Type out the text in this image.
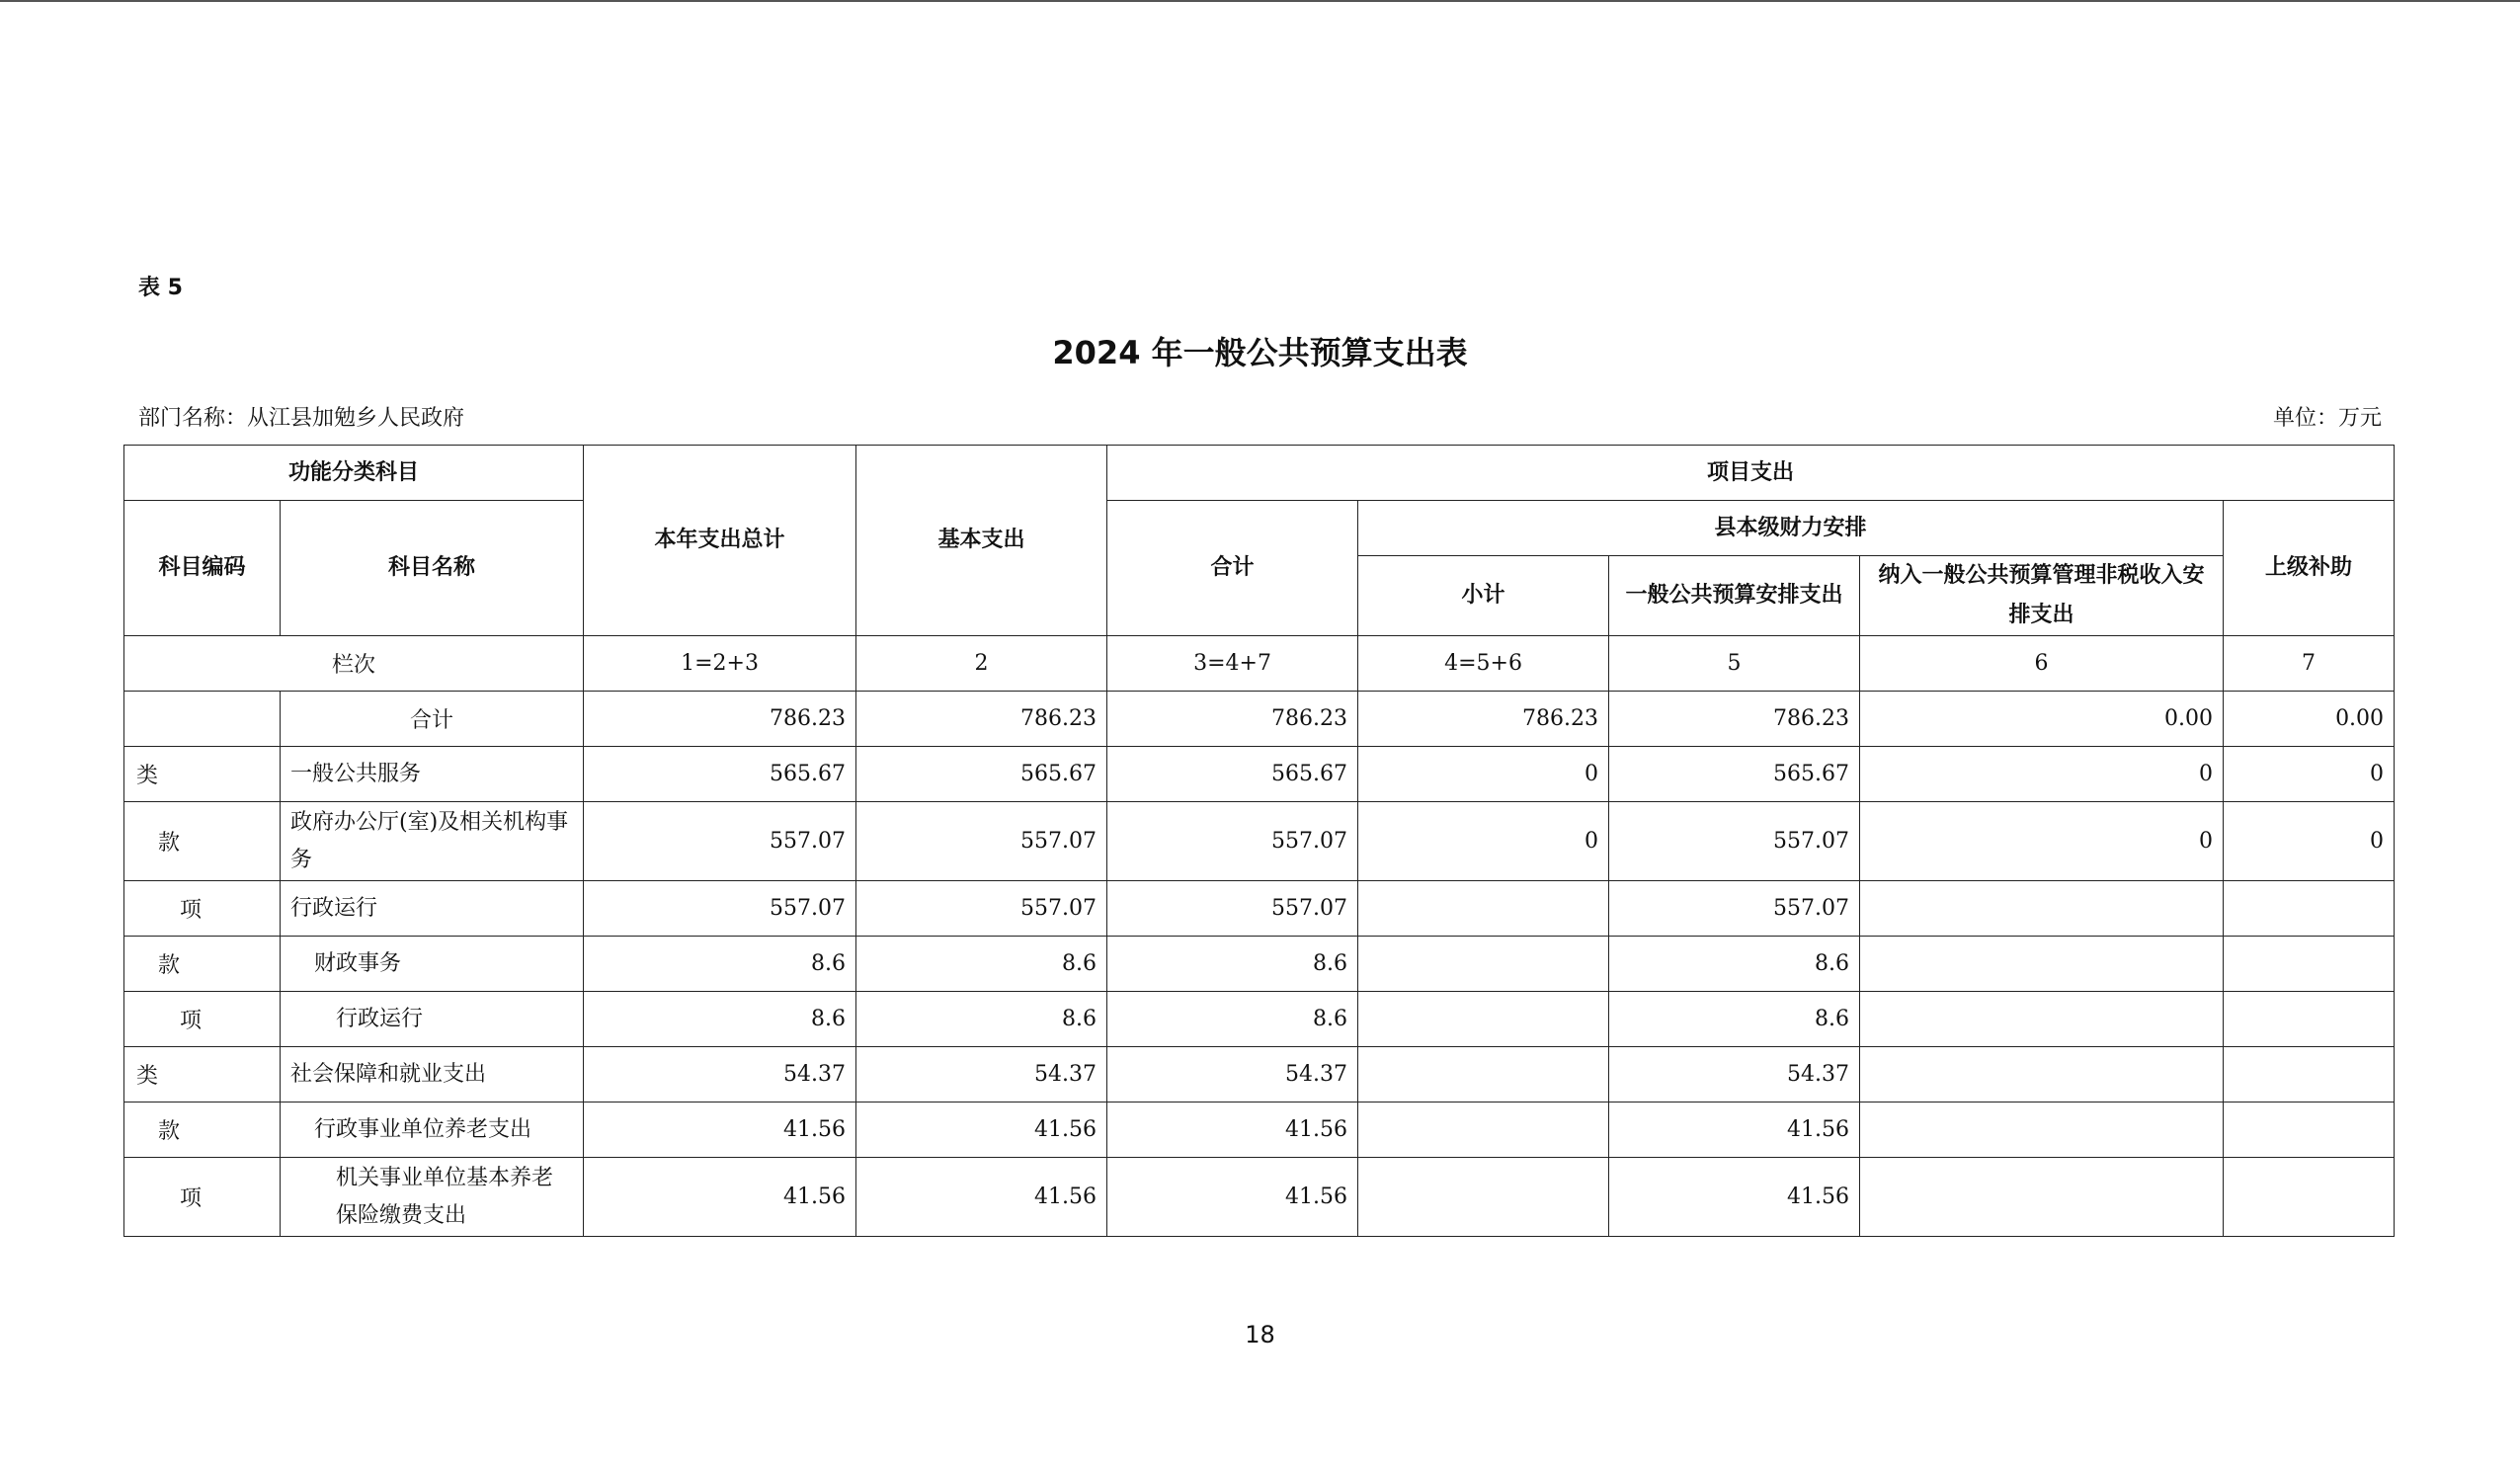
表 5
2024 年一般公共预算支出表
部门名称：从江县加勉乡人民政府	单位：万元
功能分类科目		本年支出总计	基本支出	项目支出				
科目编码	科目名称			合计	县本级财力安排			上级补助
					小计	一般公共预算安排支出	纳入一般公共预算管理非税收入安排支出	
栏次		1=2+3	2	3=4+7	4=5+6	5	6	7
	合计	786.23	786.23	786.23	786.23	786.23	0.00	0.00
类	一般公共服务	565.67	565.67	565.67	0	565.67	0	0
款	政府办公厅(室)及相关机构事务	557.07	557.07	557.07	0	557.07	0	0
项	行政运行	557.07	557.07	557.07		557.07		
款	财政事务	8.6	8.6	8.6		8.6		
项	行政运行	8.6	8.6	8.6		8.6		
类	社会保障和就业支出	54.37	54.37	54.37		54.37		
款	行政事业单位养老支出	41.56	41.56	41.56		41.56		
项	机关事业单位基本养老保险缴费支出	41.56	41.56	41.56		41.56		
18
